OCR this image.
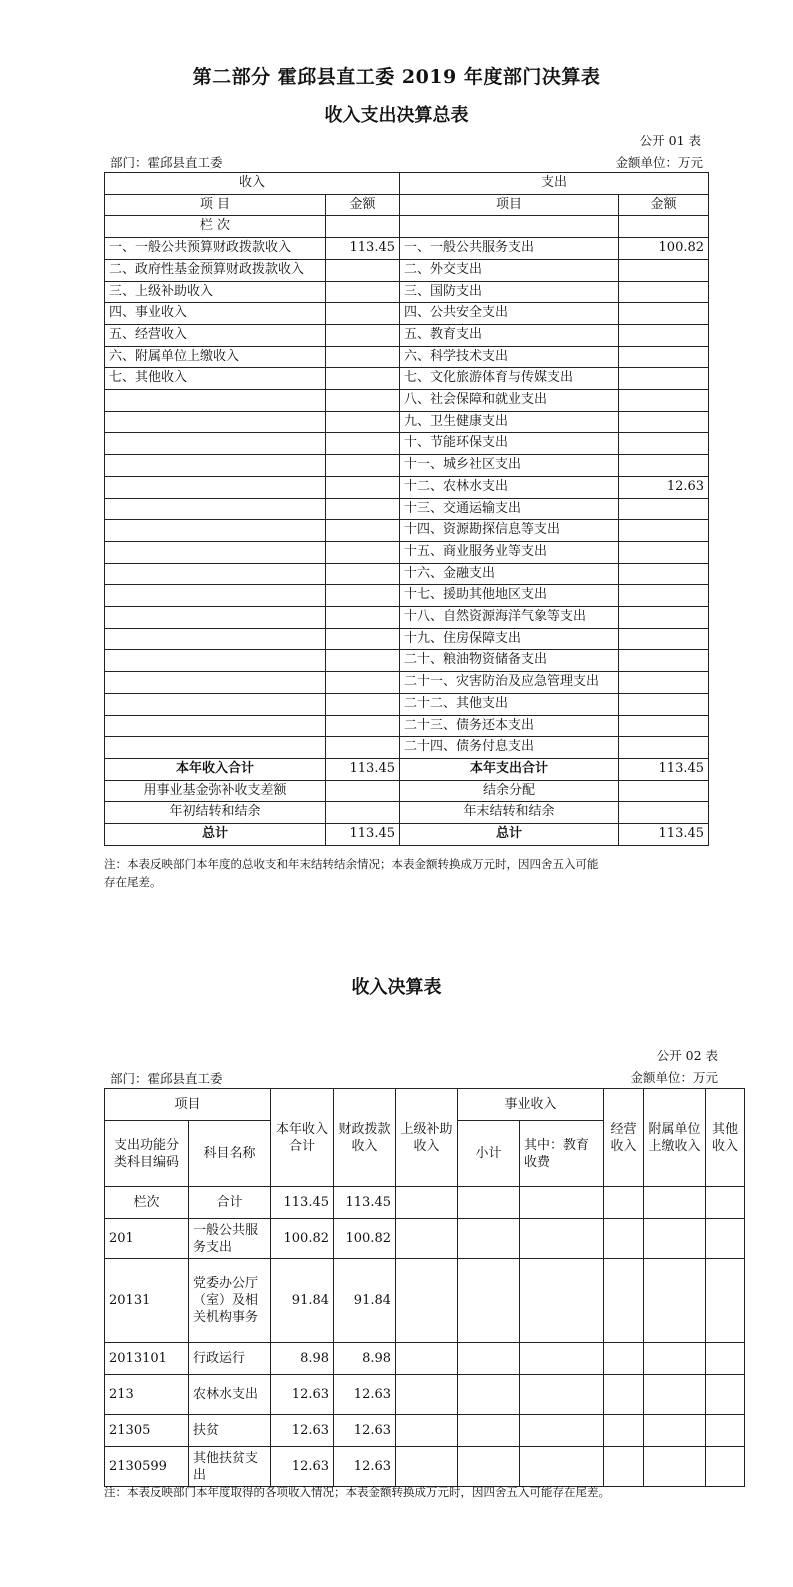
第二部分 霍邱县直工委 2019 年度部门决算表
收入支出决算总表
公开 01 表
部门：霍邱县直工委	金额单位：万元
收入		支出	
项 目	金额	项目	金额
栏 次			
一、一般公共预算财政拨款收入	113.45	一、一般公共服务支出	100.82
二、政府性基金预算财政拨款收入		二、外交支出	
三、上级补助收入		三、国防支出	
四、事业收入		四、公共安全支出	
五、经营收入		五、教育支出	
六、附属单位上缴收入		六、科学技术支出	
七、其他收入		七、文化旅游体育与传媒支出	
		八、社会保障和就业支出	
		九、卫生健康支出	
		十、节能环保支出	
		十一、城乡社区支出	
		十二、农林水支出	12.63
		十三、交通运输支出	
		十四、资源勘探信息等支出	
		十五、商业服务业等支出	
		十六、金融支出	
		十七、援助其他地区支出	
		十八、自然资源海洋气象等支出	
		十九、住房保障支出	
		二十、粮油物资储备支出	
		二十一、灾害防治及应急管理支出	
		二十二、其他支出	
		二十三、债务还本支出	
		二十四、债务付息支出	
本年收入合计	113.45	本年支出合计	113.45
用事业基金弥补收支差额		结余分配	
年初结转和结余		年末结转和结余	
总计	113.45	总计	113.45
注：本表反映部门本年度的总收支和年末结转结余情况；本表金额转换成万元时，因四舍五入可能
存在尾差。
收入决算表
公开 02 表
部门：霍邱县直工委	金额单位：万元
项目		本年收入合计	财政拨款收入	上级补助收入	事业收入		经营收入	附属单位上缴收入	其他收入
支出功能分类科目编码	科目名称				小计	其中：教育收费			
栏次	合计	113.45	113.45						
201	一般公共服务支出	100.82	100.82						
20131	党委办公厅（室）及相关机构事务	91.84	91.84						
2013101	行政运行	8.98	8.98						
213	农林水支出	12.63	12.63						
21305	扶贫	12.63	12.63						
2130599	其他扶贫支出	12.63	12.63						
注：本表反映部门本年度取得的各项收入情况；本表金额转换成万元时，因四舍五入可能存在尾差。
